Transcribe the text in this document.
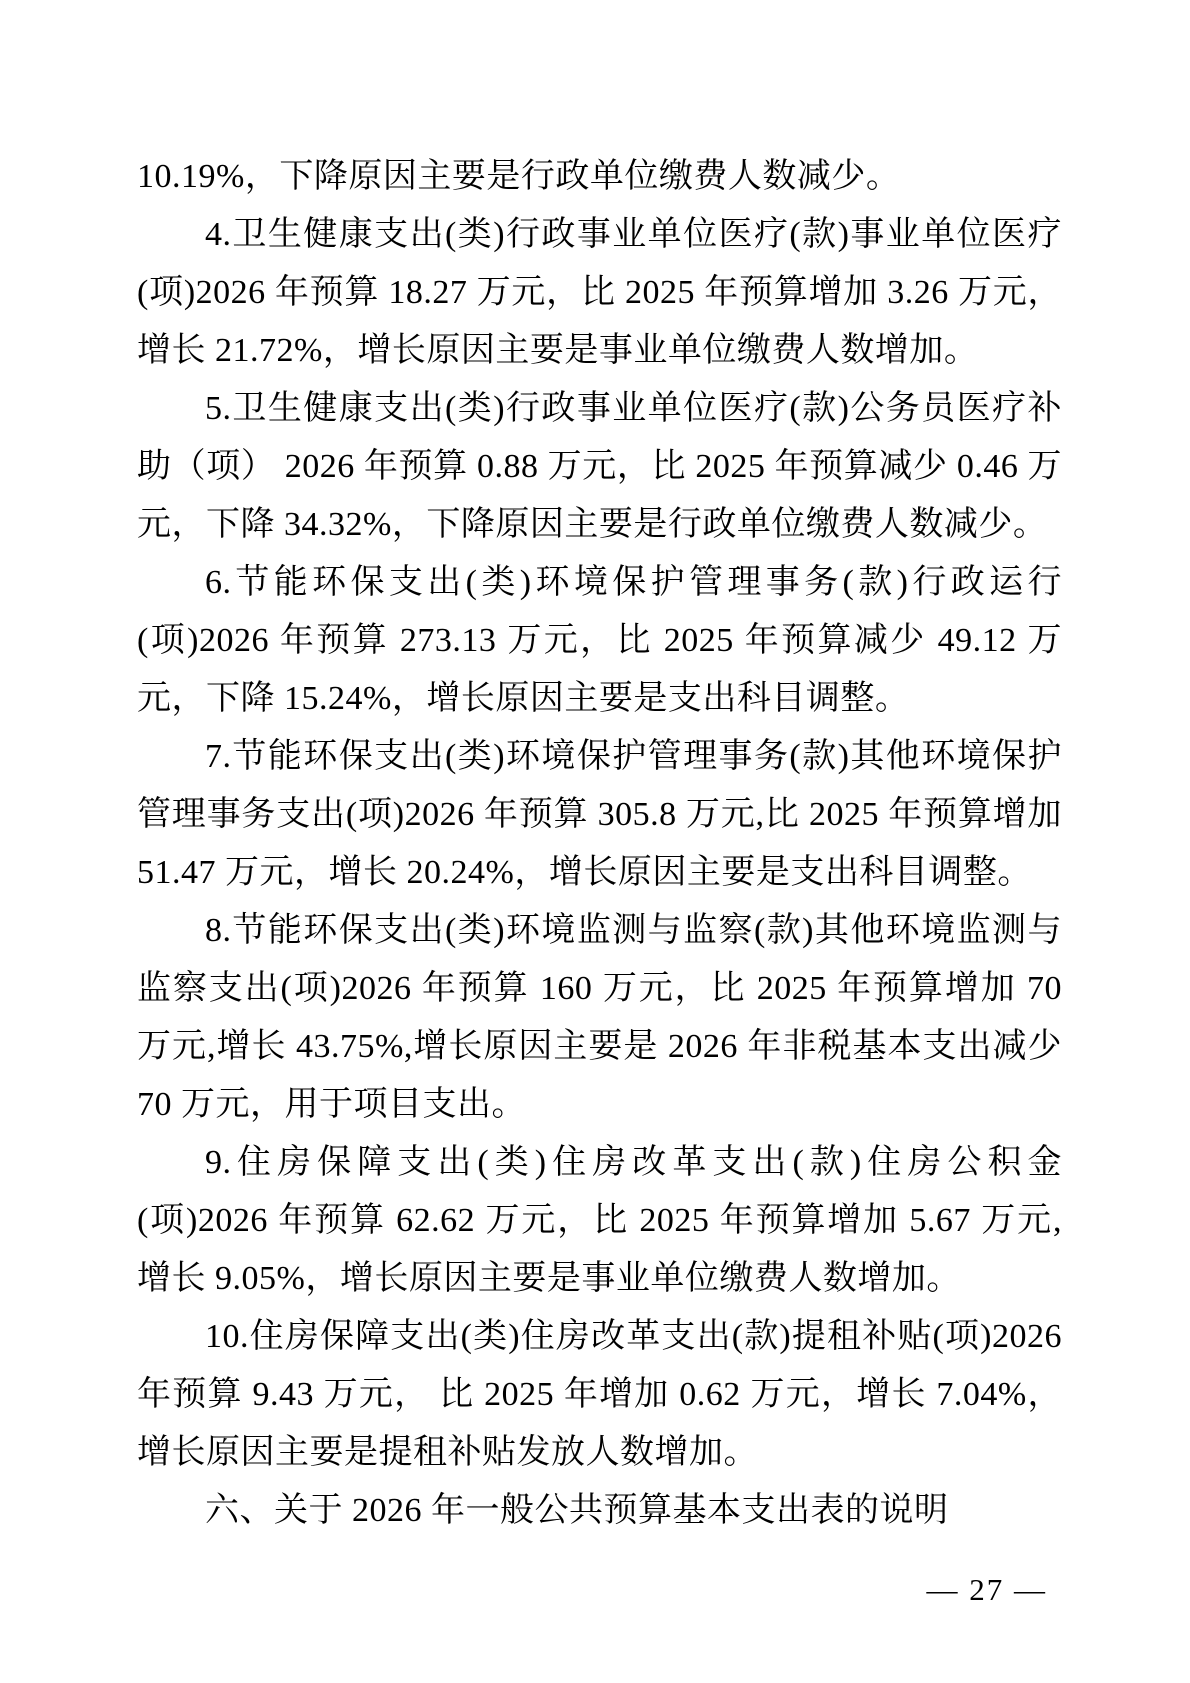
10.19%，下降原因主要是行政单位缴费人数减少。

4.卫生健康支出(类)行政事业单位医疗(款)事业单位医疗(项)2026 年预算 18.27 万元，比 2025 年预算增加 3.26 万元，增长 21.72%，增长原因主要是事业单位缴费人数增加。

5.卫生健康支出(类)行政事业单位医疗(款)公务员医疗补助（项） 2026 年预算 0.88 万元，比 2025 年预算减少 0.46 万元，下降 34.32%，下降原因主要是行政单位缴费人数减少。

6.节能环保支出(类)环境保护管理事务(款)行政运行(项)2026 年预算 273.13 万元，比 2025 年预算减少 49.12 万元，下降 15.24%，增长原因主要是支出科目调整。

7.节能环保支出(类)环境保护管理事务(款)其他环境保护管理事务支出(项)2026 年预算 305.8 万元,比 2025 年预算增加 51.47 万元，增长 20.24%，增长原因主要是支出科目调整。

8.节能环保支出(类)环境监测与监察(款)其他环境监测与监察支出(项)2026 年预算 160 万元，比 2025 年预算增加 70 万元,增长 43.75%,增长原因主要是 2026 年非税基本支出减少 70 万元，用于项目支出。

9.住房保障支出(类)住房改革支出(款)住房公积金(项)2026 年预算 62.62 万元，比 2025 年预算增加 5.67 万元,增长 9.05%，增长原因主要是事业单位缴费人数增加。

10.住房保障支出(类)住房改革支出(款)提租补贴(项)2026 年预算 9.43 万元， 比 2025 年增加 0.62 万元，增长 7.04%，增长原因主要是提租补贴发放人数增加。

六、关于 2026 年一般公共预算基本支出表的说明

— 27 —
